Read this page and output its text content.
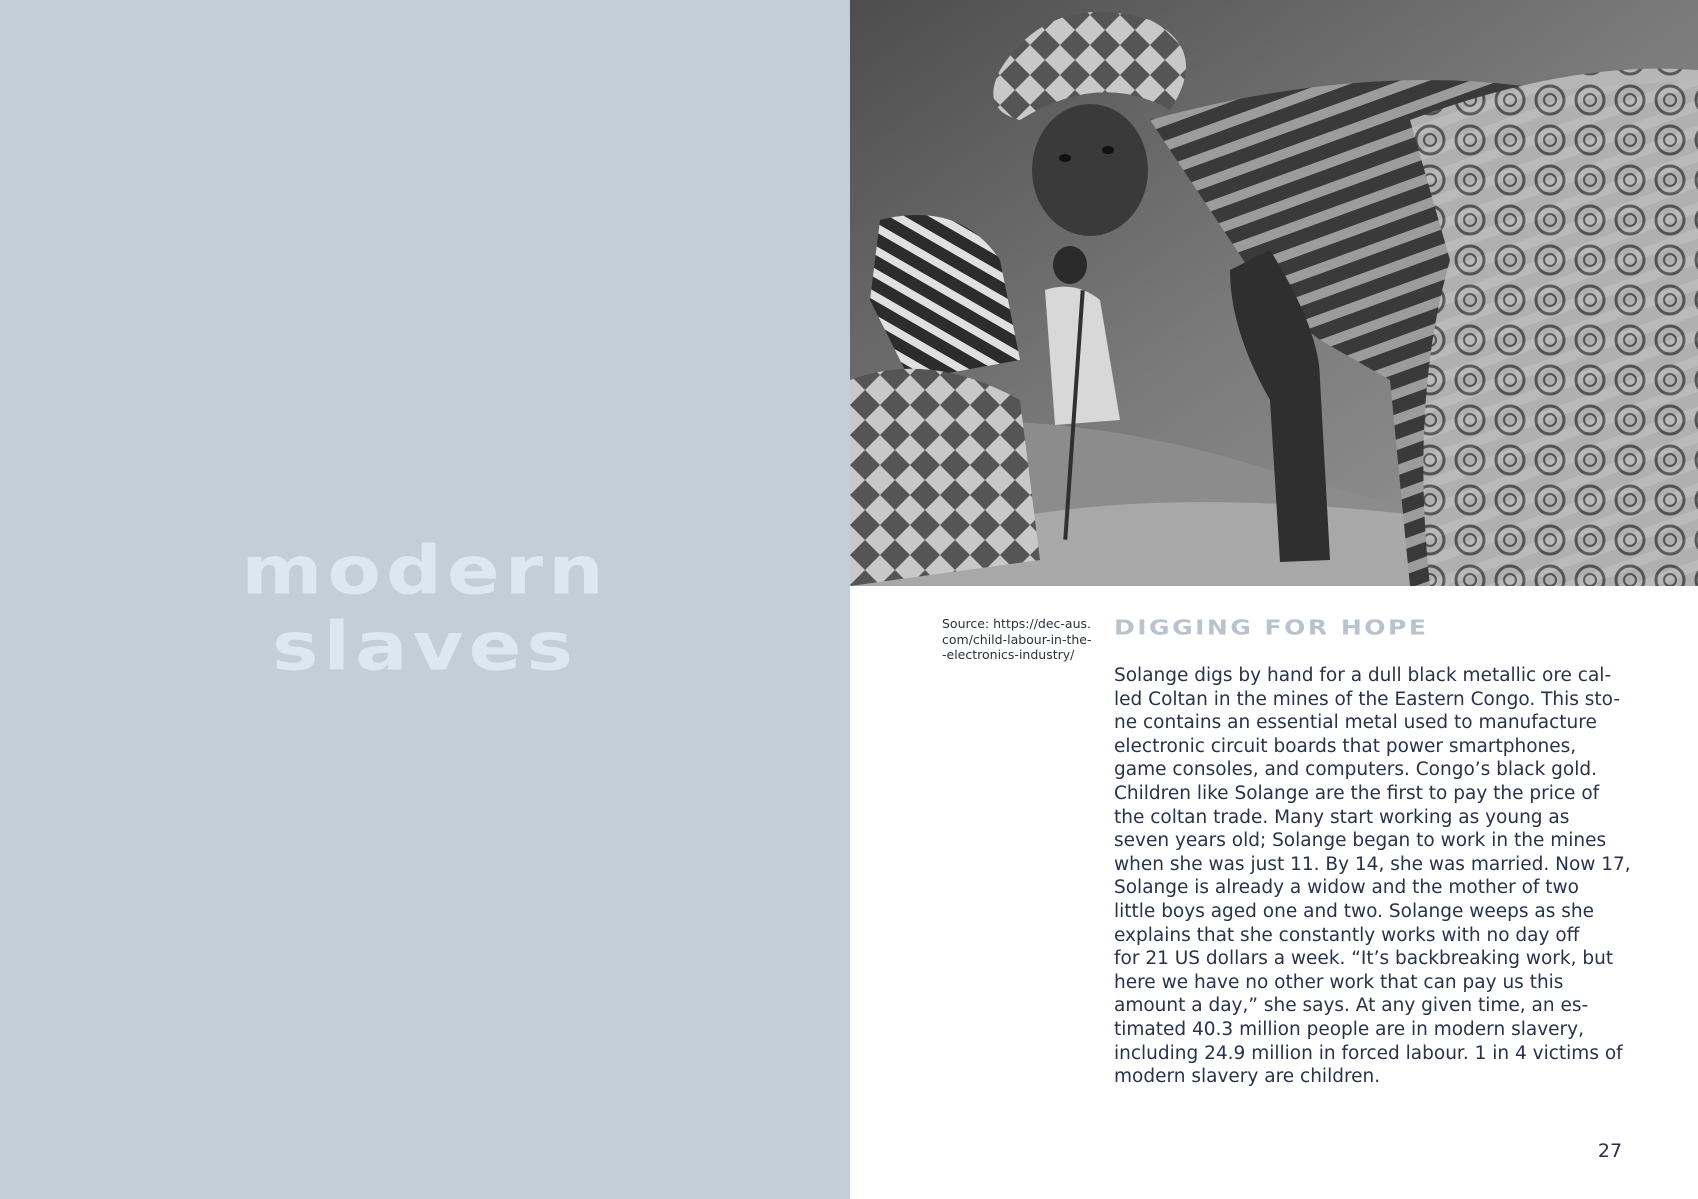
modern
slaves	Source: https://dec-aus.
com/child-labour-in-the-
-electronics-industry/
DIGGING FOR HOPE
Solange digs by hand for a dull black metallic ore cal-
led Coltan in the mines of the Eastern Congo. This sto-
ne contains an essential metal used to manufacture
electronic circuit boards that power smartphones,
game consoles, and computers. Congo’s black gold.
Children like Solange are the first to pay the price of
the coltan trade. Many start working as young as
seven years old; Solange began to work in the mines
when she was just 11. By 14, she was married. Now 17,
Solange is already a widow and the mother of two
little boys aged one and two. Solange weeps as she
explains that she constantly works with no day off
for 21 US dollars a week. “It’s backbreaking work, but
here we have no other work that can pay us this
amount a day,” she says. At any given time, an es-
timated 40.3 million people are in modern slavery,
including 24.9 million in forced labour. 1 in 4 victims of
modern slavery are children.
27
